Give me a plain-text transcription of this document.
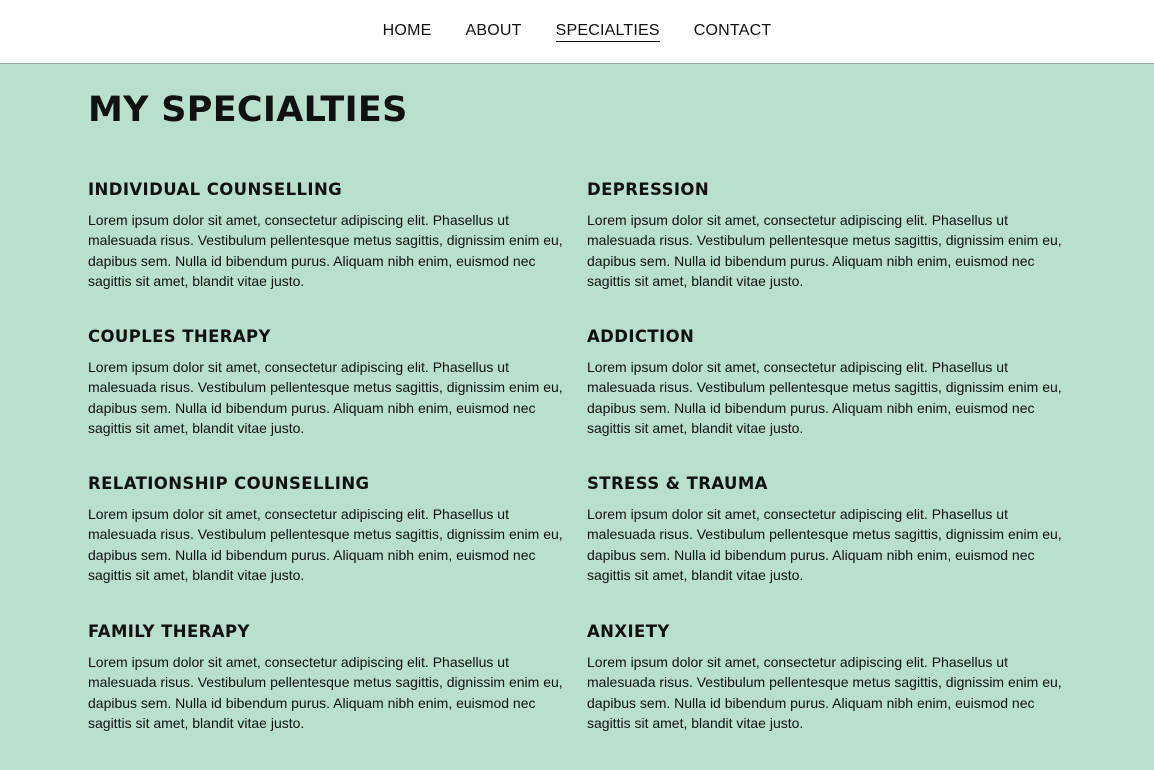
HOME ABOUT SPECIALTIES CONTACT
MY SPECIALTIES
INDIVIDUAL COUNSELLING

Lorem ipsum dolor sit amet, consectetur adipiscing elit. Phasellus ut malesuada risus. Vestibulum pellentesque metus sagittis, dignissim enim eu, dapibus sem. Nulla id bibendum purus. Aliquam nibh enim, euismod nec sagittis sit amet, blandit vitae justo.

DEPRESSION

Lorem ipsum dolor sit amet, consectetur adipiscing elit. Phasellus ut malesuada risus. Vestibulum pellentesque metus sagittis, dignissim enim eu, dapibus sem. Nulla id bibendum purus. Aliquam nibh enim, euismod nec sagittis sit amet, blandit vitae justo.

COUPLES THERAPY

Lorem ipsum dolor sit amet, consectetur adipiscing elit. Phasellus ut malesuada risus. Vestibulum pellentesque metus sagittis, dignissim enim eu, dapibus sem. Nulla id bibendum purus. Aliquam nibh enim, euismod nec sagittis sit amet, blandit vitae justo.

ADDICTION

Lorem ipsum dolor sit amet, consectetur adipiscing elit. Phasellus ut malesuada risus. Vestibulum pellentesque metus sagittis, dignissim enim eu, dapibus sem. Nulla id bibendum purus. Aliquam nibh enim, euismod nec sagittis sit amet, blandit vitae justo.

RELATIONSHIP COUNSELLING

Lorem ipsum dolor sit amet, consectetur adipiscing elit. Phasellus ut malesuada risus. Vestibulum pellentesque metus sagittis, dignissim enim eu, dapibus sem. Nulla id bibendum purus. Aliquam nibh enim, euismod nec sagittis sit amet, blandit vitae justo.

STRESS & TRAUMA

Lorem ipsum dolor sit amet, consectetur adipiscing elit. Phasellus ut malesuada risus. Vestibulum pellentesque metus sagittis, dignissim enim eu, dapibus sem. Nulla id bibendum purus. Aliquam nibh enim, euismod nec sagittis sit amet, blandit vitae justo.

FAMILY THERAPY

Lorem ipsum dolor sit amet, consectetur adipiscing elit. Phasellus ut malesuada risus. Vestibulum pellentesque metus sagittis, dignissim enim eu, dapibus sem. Nulla id bibendum purus. Aliquam nibh enim, euismod nec sagittis sit amet, blandit vitae justo.

ANXIETY

Lorem ipsum dolor sit amet, consectetur adipiscing elit. Phasellus ut malesuada risus. Vestibulum pellentesque metus sagittis, dignissim enim eu, dapibus sem. Nulla id bibendum purus. Aliquam nibh enim, euismod nec sagittis sit amet, blandit vitae justo.
